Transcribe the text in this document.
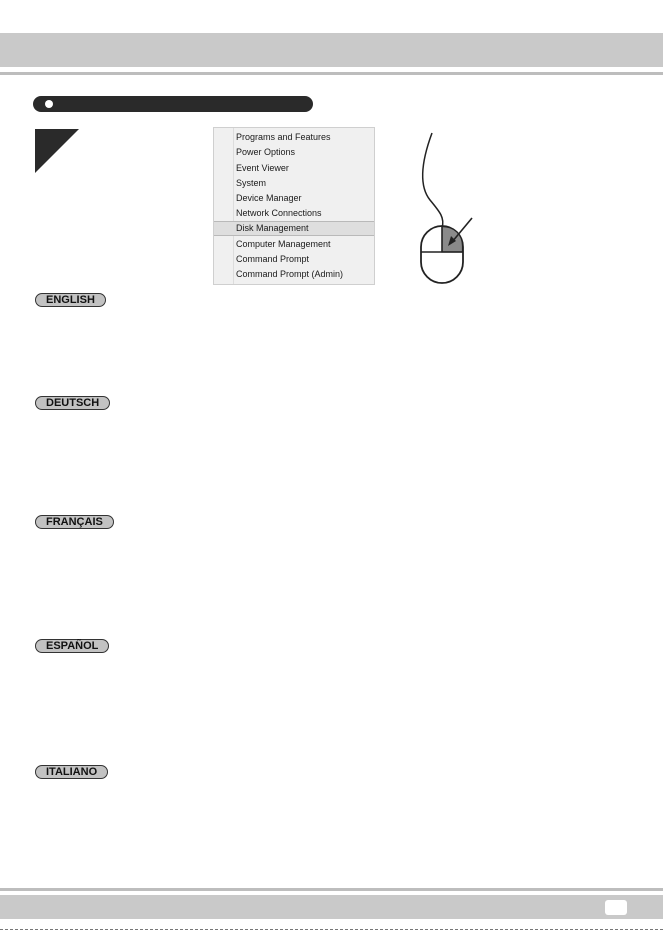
Programs and Features
Power Options
Event Viewer
System
Device Manager
Network Connections
Disk Management
Computer Management
Command Prompt
Command Prompt (Admin)
ENGLISH
DEUTSCH
FRANÇAIS
ESPAÑOL
ITALIANO
